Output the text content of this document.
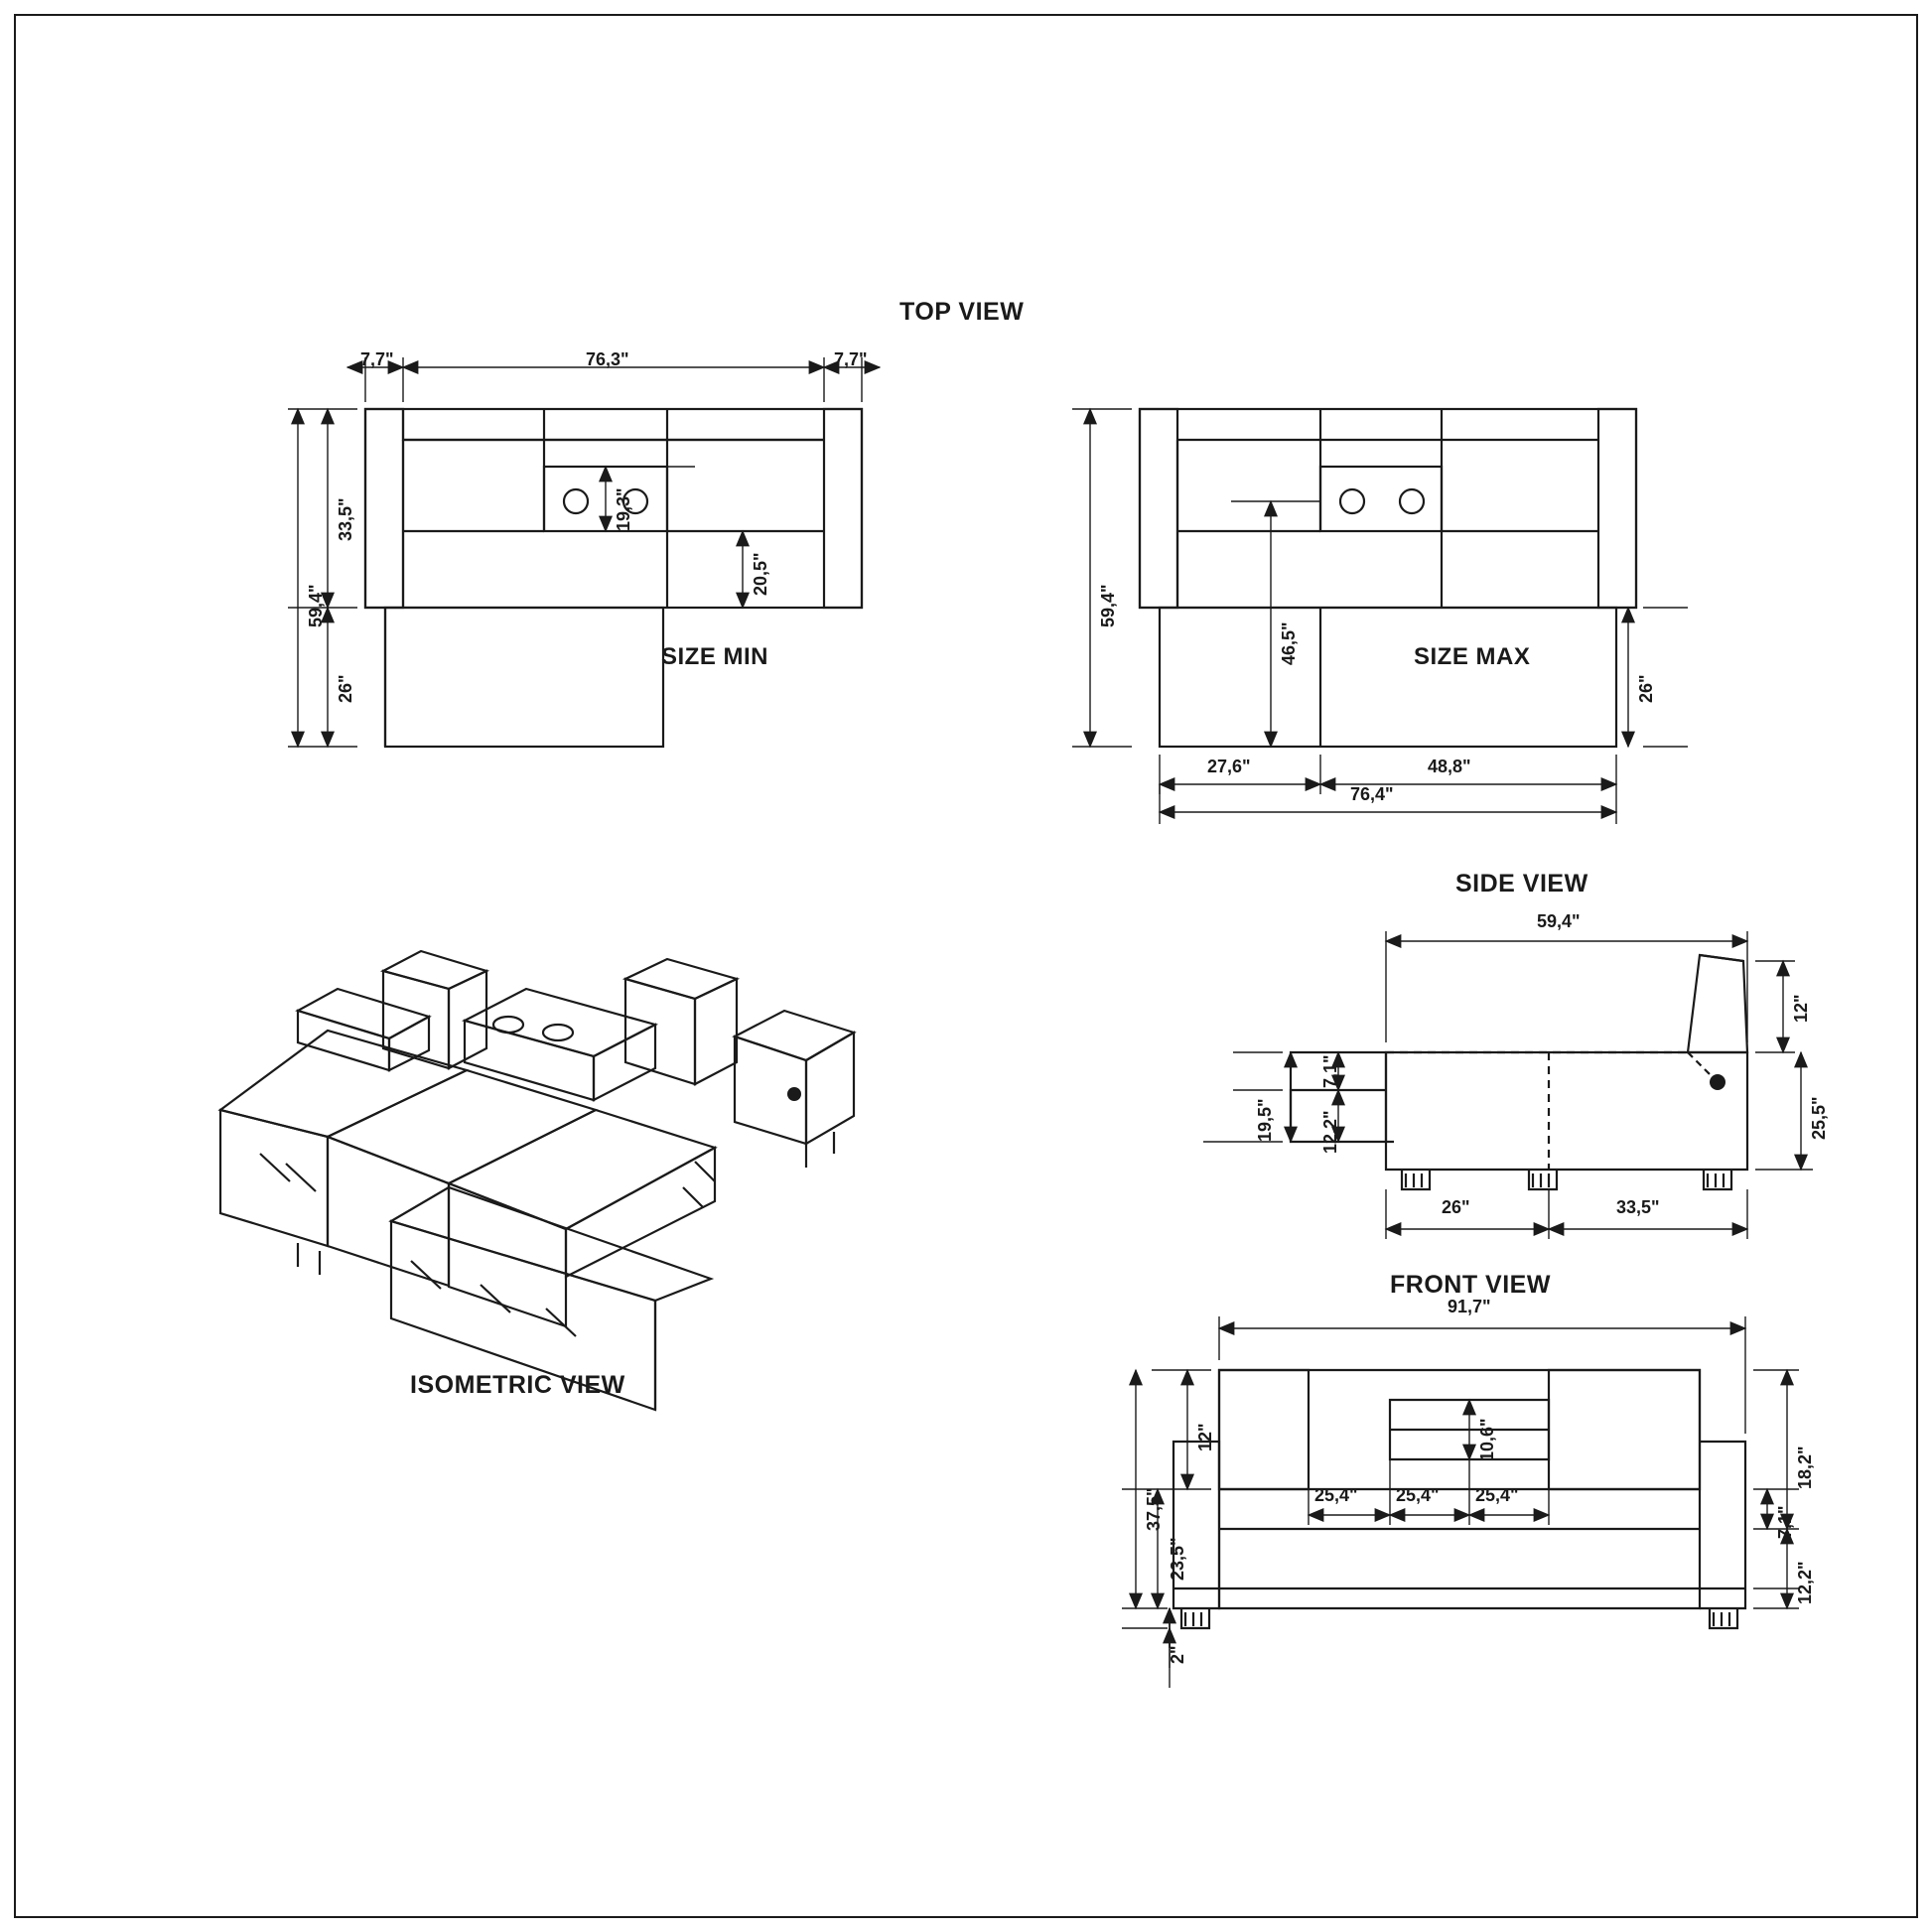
TOP VIEW
SIZE MIN	SIZE MAX
ISOMETRIC VIEW
SIDE VIEW
FRONT VIEW
7,7"	76,3"	7,7"
33,5"
59,4"
26"
19,3"
20,5"
59,4"
46,5"
26"
27,6"	48,8"
76,4"
59,4"
12"
25,5"
19,5"
7,1"
12,2"
26"	33,5"
91,7"
12"
37,5"
23,5"
2"
10,6"
25,4" 25,4" 25,4"
18,2"
7,1"
12,2"
